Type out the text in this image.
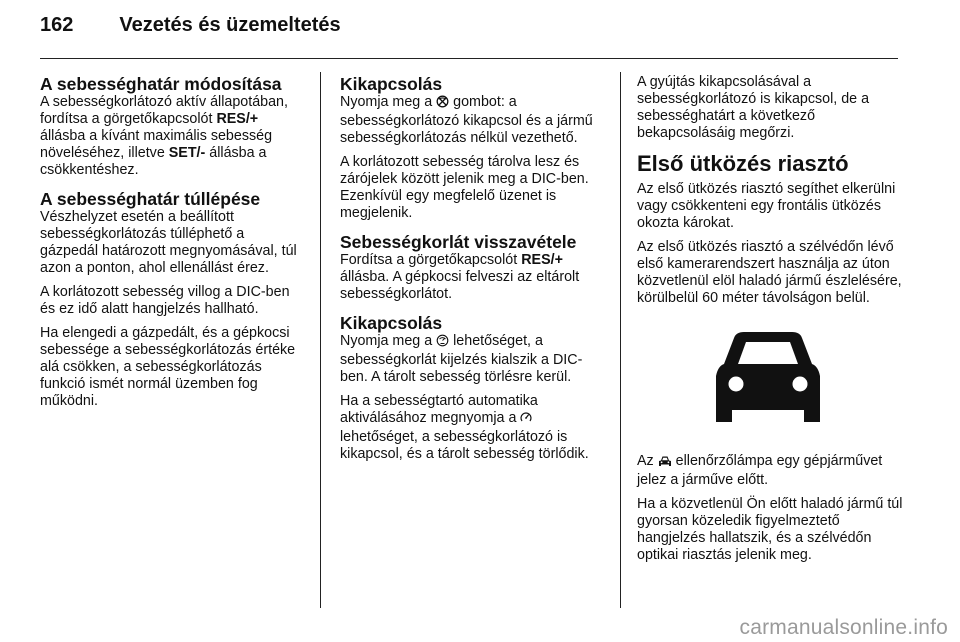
162 Vezetés és üzemeltetés
A sebességhatár módosítása

A sebességkorlátozó aktív állapotában, fordítsa a görgetőkapcsolót RES/+ állásba a kívánt maximális sebesség növeléséhez, illetve SET/- állásba a csökkentéshez.

A sebességhatár túllépése

Vészhelyzet esetén a beállított sebességkorlátozás túlléphető a gázpedál határozott megnyomásával, túl azon a ponton, ahol ellenállást érez.

A korlátozott sebesség villog a DIC-ben és ez idő alatt hangjelzés hallható.

Ha elengedi a gázpedált, és a gépkocsi sebessége a sebességkorlátozás értéke alá csökken, a sebességkorlátozás funkció ismét normál üzemben fog működni.

Kikapcsolás

Nyomja meg a  gombot: a sebességkorlátozó kikapcsol és a jármű sebességkorlátozás nélkül vezethető.

A korlátozott sebesség tárolva lesz és zárójelek között jelenik meg a DIC-ben. Ezenkívül egy megfelelő üzenet is megjelenik.

Sebességkorlát visszavétele

Fordítsa a görgetőkapcsolót RES/+ állásba. A gépkocsi felveszi az eltárolt sebességkorlátot.

Kikapcsolás

Nyomja meg a  lehetőséget, a sebességkorlát kijelzés kialszik a DIC-ben. A tárolt sebesség törlésre kerül.

Ha a sebességtartó automatika aktiválásához megnyomja a  lehetőséget, a sebességkorlátozó is kikapcsol, és a tárolt sebesség törlődik.

A gyújtás kikapcsolásával a sebességkorlátozó is kikapcsol, de a sebességhatárt a következő bekapcsolásáig megőrzi.

Első ütközés riasztó

Az első ütközés riasztó segíthet elkerülni vagy csökkenteni egy frontális ütközés okozta károkat.

Az első ütközés riasztó a szélvédőn lévő első kamerarendszert használja az úton közvetlenül elöl haladó jármű észlelésére, körülbelül 60 méter távolságon belül.

Az  ellenőrzőlámpa egy gépjárművet jelez a járműve előtt.

Ha a közvetlenül Ön előtt haladó jármű túl gyorsan közeledik figyelmeztető hangjelzés hallatszik, és a szélvédőn optikai riasztás jelenik meg.

carmanualsonline.info
